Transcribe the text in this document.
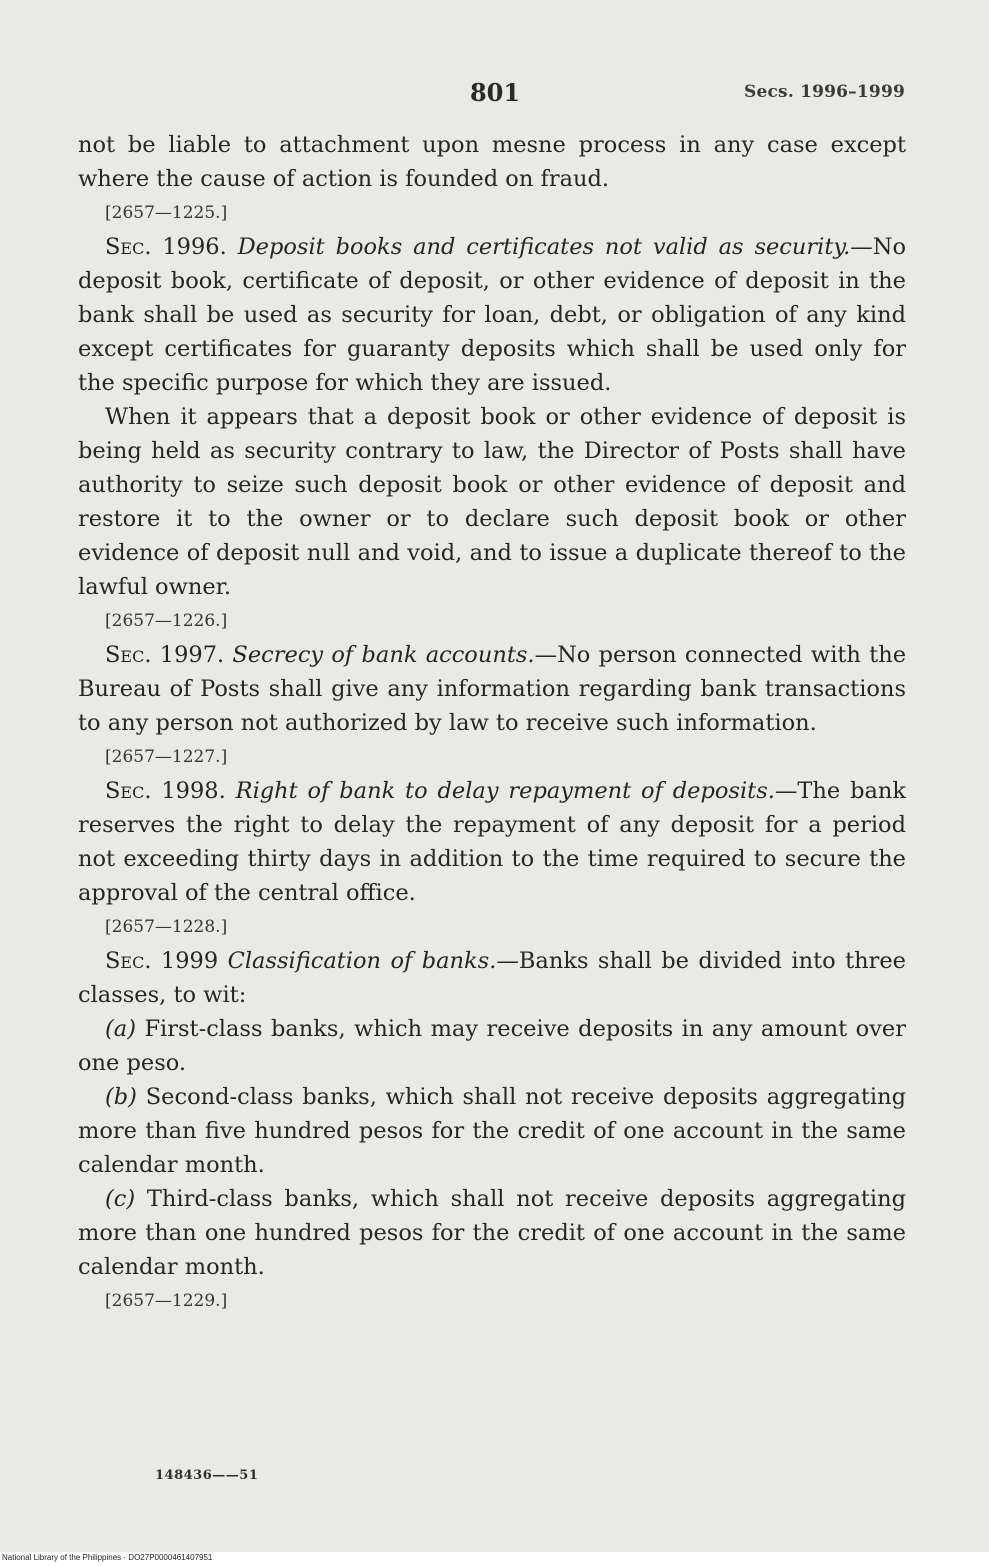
801	Secs. 1996–1999

not be liable to attachment upon mesne process in any case except where the cause of action is founded on fraud.

[2657—1225.]

Sec. 1996. Deposit books and certificates not valid as security.—No deposit book, certificate of deposit, or other evidence of deposit in the bank shall be used as security for loan, debt, or obligation of any kind except certificates for guaranty deposits which shall be used only for the specific purpose for which they are issued.

When it appears that a deposit book or other evidence of deposit is being held as security contrary to law, the Director of Posts shall have authority to seize such deposit book or other evidence of deposit and restore it to the owner or to declare such deposit book or other evidence of deposit null and void, and to issue a duplicate thereof to the lawful owner.

[2657—1226.]

Sec. 1997. Secrecy of bank accounts.—No person connected with the Bureau of Posts shall give any information regarding bank transactions to any person not authorized by law to receive such information.

[2657—1227.]

Sec. 1998. Right of bank to delay repayment of deposits.—The bank reserves the right to delay the repayment of any deposit for a period not exceeding thirty days in addition to the time required to secure the approval of the central office.

[2657—1228.]

Sec. 1999 Classification of banks.—Banks shall be divided into three classes, to wit:

(a) First-class banks, which may receive deposits in any amount over one peso.

(b) Second-class banks, which shall not receive deposits aggregating more than five hundred pesos for the credit of one account in the same calendar month.

(c) Third-class banks, which shall not receive deposits aggregating more than one hundred pesos for the credit of one account in the same calendar month.

[2657—1229.]

148436——51
National Library of the Philippines · DO27P0000461407951
